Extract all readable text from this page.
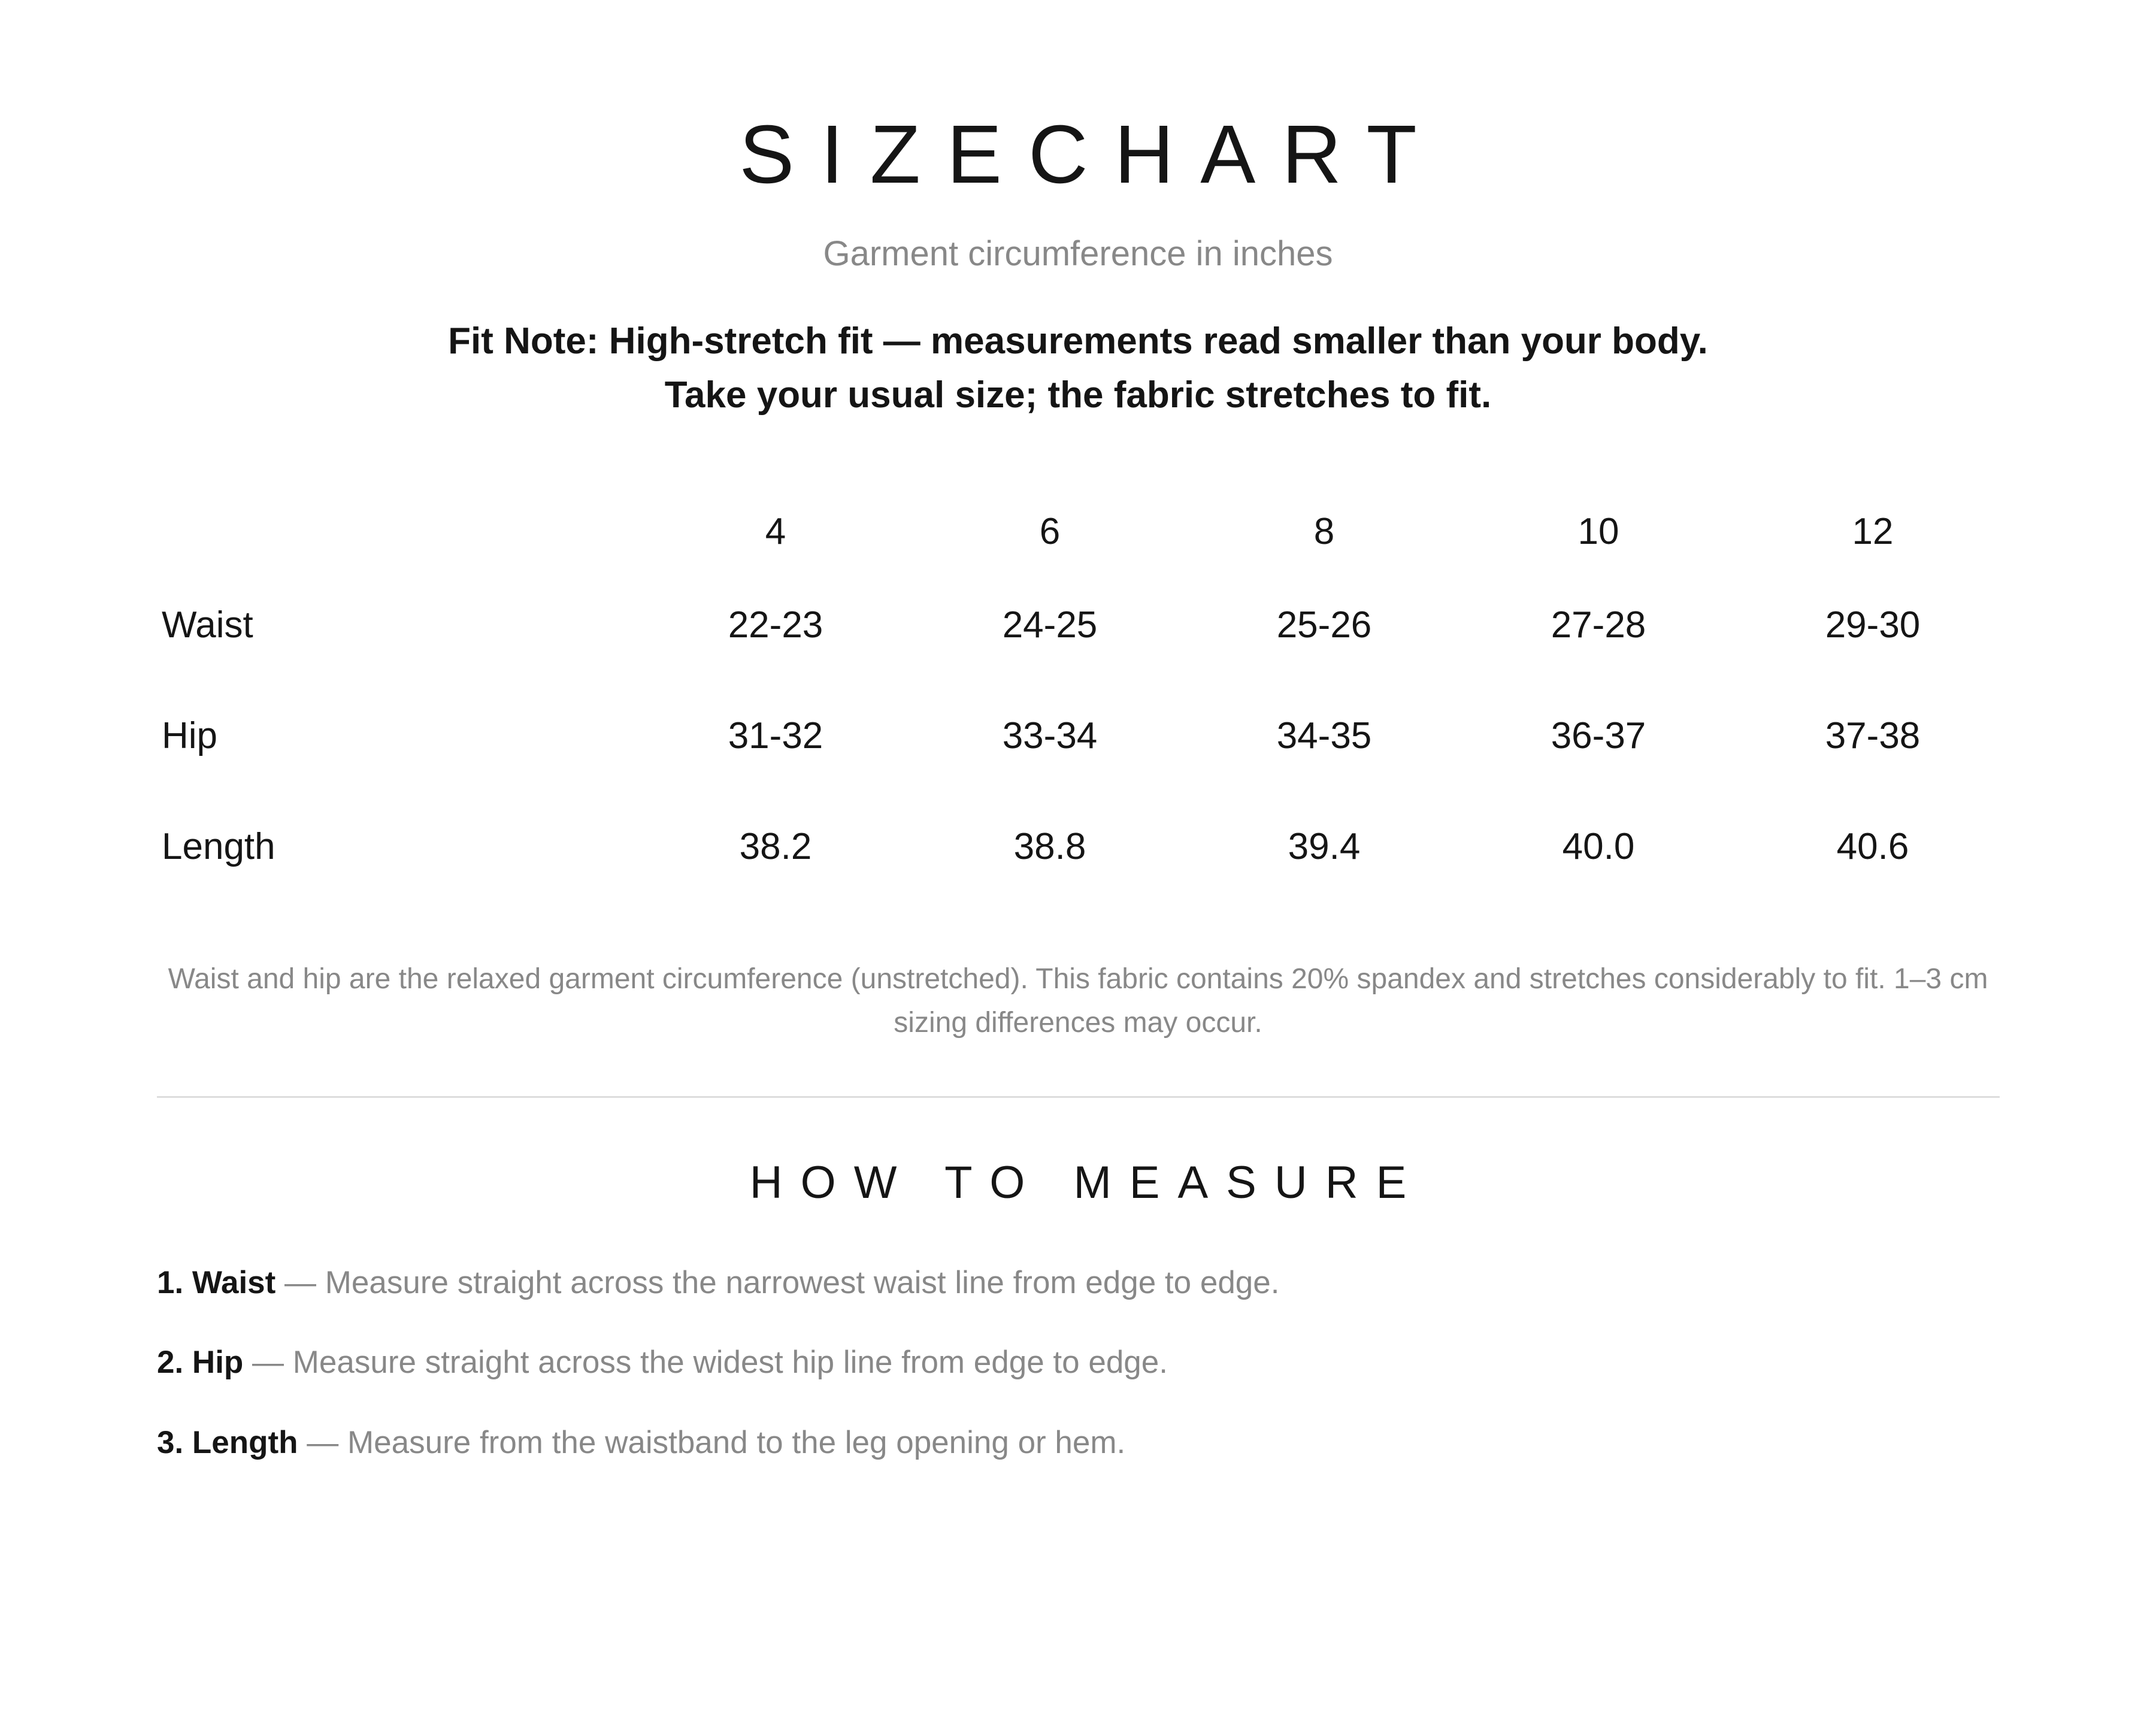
SIZECHART
Garment circumference in inches
Fit Note: High-stretch fit — measurements read smaller than your body.
Take your usual size; the fabric stretches to fit.
4	6	8	10	12
Waist	22-23	24-25	25-26	27-28	29-30
Hip	31-32	33-34	34-35	36-37	37-38
Length	38.2	38.8	39.4	40.0	40.6
Waist and hip are the relaxed garment circumference (unstretched). This fabric contains 20% spandex and stretches considerably to fit. 1–3 cm sizing differences may occur.
HOW TO MEASURE
1. Waist — Measure straight across the narrowest waist line from edge to edge.
2. Hip — Measure straight across the widest hip line from edge to edge.
3. Length — Measure from the waistband to the leg opening or hem.
